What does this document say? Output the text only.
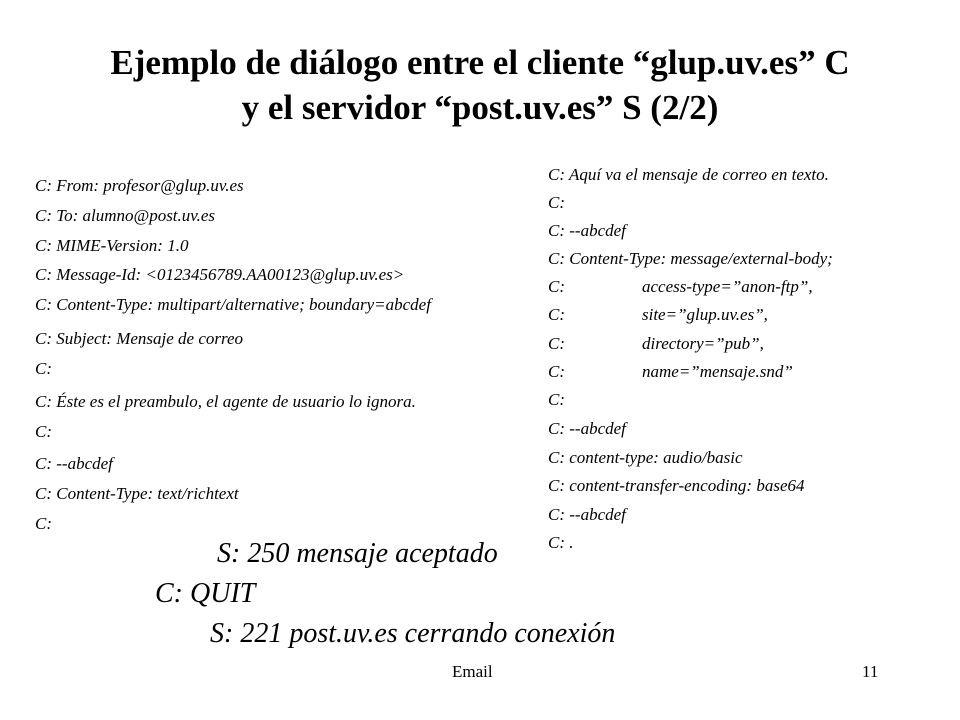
Ejemplo de diálogo entre el cliente “glup.uv.es” C
y el servidor “post.uv.es” S (2/2)
C: From: profesor@glup.uv.es
C: To: alumno@post.uv.es
C: MIME-Version: 1.0
C: Message-Id: <0123456789.AA00123@glup.uv.es>
C: Content-Type: multipart/alternative; boundary=abcdef
C: Subject: Mensaje de correo
C:
C: Éste es el preambulo, el agente de usuario lo ignora.
C:
C: --abcdef
C: Content-Type: text/richtext
C:
C: Aquí va el mensaje de correo en texto.
C:
C: --abcdef
C: Content-Type: message/external-body;
C:	access-type=”anon-ftp”,
C:	site=”glup.uv.es”,
C:	directory=”pub”,
C:	name=”mensaje.snd”
C:
C: --abcdef
C: content-type: audio/basic
C: content-transfer-encoding: base64
C: --abcdef
C: .
S: 250 mensaje aceptado
C: QUIT
S: 221 post.uv.es cerrando conexión
Email	11
